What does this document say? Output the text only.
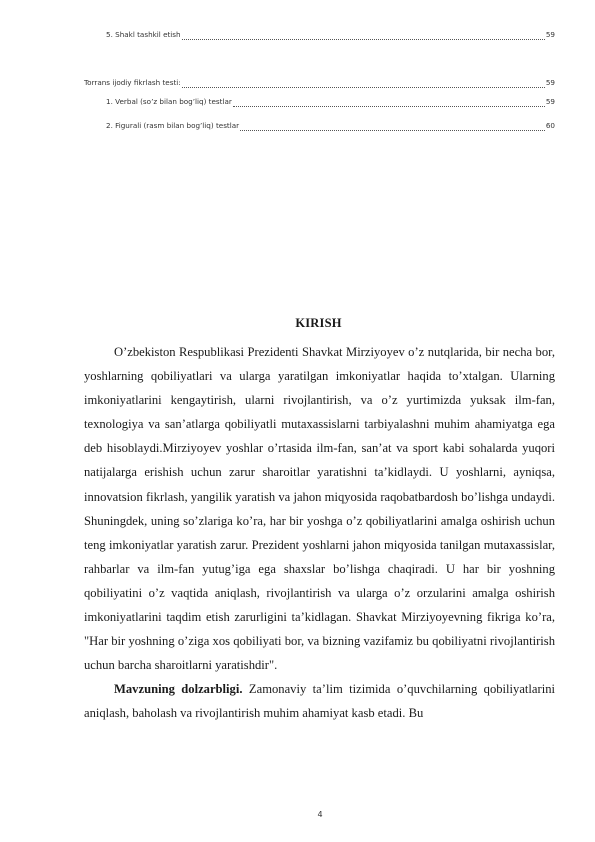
5. Shakl tashkil etish	59
Torrans ijodiy fikrlash testi:	59
1. Verbal (so’z bilan bog’liq) testlar	59
2. Figurali (rasm bilan bog’liq) testlar	60
KIRISH

O’zbekiston Respublikasi Prezidenti Shavkat Mirziyoyev o’z nutqlarida, bir necha bor, yoshlarning qobiliyatlari va ularga yaratilgan imkoniyatlar haqida to’xtalgan. Ularning imkoniyatlarini kengaytirish, ularni rivojlantirish, va o’z yurtimizda yuksak ilm-fan, texnologiya va san’atlarga qobiliyatli mutaxassislarni tarbiyalashni muhim ahamiyatga ega deb hisoblaydi.Mirziyoyev yoshlar o’rtasida ilm-fan, san’at va sport kabi sohalarda yuqori natijalarga erishish uchun zarur sharoitlar yaratishni ta’kidlaydi. U yoshlarni, ayniqsa, innovatsion fikrlash, yangilik yaratish va jahon miqyosida raqobatbardosh bo’lishga undaydi. Shuningdek, uning so’zlariga ko’ra, har bir yoshga o’z qobiliyatlarini amalga oshirish uchun teng imkoniyatlar yaratish zarur. Prezident yoshlarni jahon miqyosida tanilgan mutaxassislar, rahbarlar va ilm-fan yutug’iga ega shaxslar bo’lishga chaqiradi. U har bir yoshning qobiliyatini o’z vaqtida aniqlash, rivojlantirish va ularga o’z orzularini amalga oshirish imkoniyatlarini taqdim etish zarurligini ta’kidlagan. Shavkat Mirziyoyevning fikriga ko’ra, "Har bir yoshning o’ziga xos qobiliyati bor, va bizning vazifamiz bu qobiliyatni rivojlantirish uchun barcha sharoitlarni yaratishdir".

Mavzuning dolzarbligi. Zamonaviy ta’lim tizimida o’quvchilarning qobiliyatlarini aniqlash, baholash va rivojlantirish muhim ahamiyat kasb etadi. Bu

4
